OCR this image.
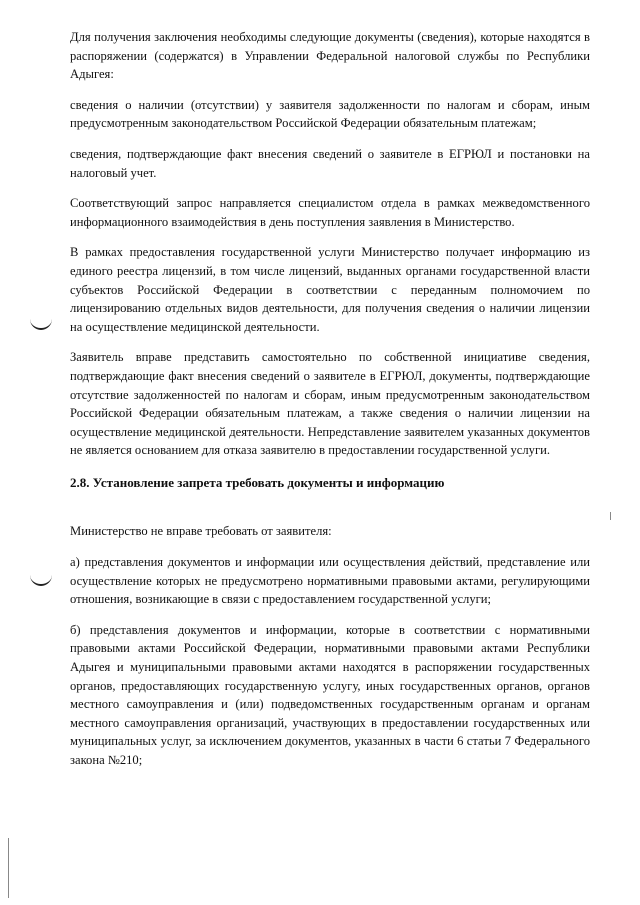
Для получения заключения необходимы следующие документы (сведения), которые находятся в распоряжении (содержатся) в Управлении Федеральной налоговой службы по Республики Адыгея:

сведения о наличии (отсутствии) у заявителя задолженности по налогам и сборам, иным предусмотренным законодательством Российской Федерации обязательным платежам;

сведения, подтверждающие факт внесения сведений о заявителе в ЕГРЮЛ и постановки на налоговый учет.

Соответствующий запрос направляется специалистом отдела в рамках межведомственного информационного взаимодействия в день поступления заявления в Министерство.

В рамках предоставления государственной услуги Министерство получает информацию из единого реестра лицензий, в том числе лицензий, выданных органами государственной власти субъектов Российской Федерации в соответствии с переданным полномочием по лицензированию отдельных видов деятельности, для получения сведения о наличии лицензии на осуществление медицинской деятельности.

Заявитель вправе представить самостоятельно по собственной инициативе сведения, подтверждающие факт внесения сведений о заявителе в ЕГРЮЛ, документы, подтверждающие отсутствие задолженностей по налогам и сборам, иным предусмотренным законодательством Российской Федерации обязательным платежам, а также сведения о наличии лицензии на осуществление медицинской деятельности. Непредставление заявителем указанных документов не является основанием для отказа заявителю в предоставлении государственной услуги.

2.8. Установление запрета требовать документы и информацию

Министерство не вправе требовать от заявителя:

а) представления документов и информации или осуществления действий, представление или осуществление которых не предусмотрено нормативными правовыми актами, регулирующими отношения, возникающие в связи с предоставлением государственной услуги;

б) представления документов и информации, которые в соответствии с нормативными правовыми актами Российской Федерации, нормативными правовыми актами Республики Адыгея и муниципальными правовыми актами находятся в распоряжении государственных органов, предоставляющих государственную услугу, иных государственных органов, органов местного самоуправления и (или) подведомственных государственным органам и органам местного самоуправления организаций, участвующих в предоставлении государственных или муниципальных услуг, за исключением документов, указанных в части 6 статьи 7 Федерального закона №210;
